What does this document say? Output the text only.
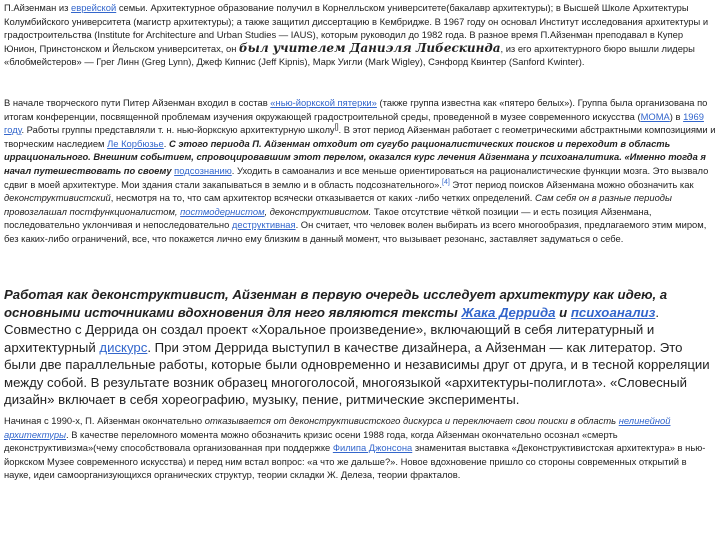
П.Айзенман из еврейской семьи. Архитектурное образование получил в Корнелльском университете(бакалавр архитектуры); в Высшей Школе Архитектуры Колумбийского университета (магистр архитектуры); а также защитил диссертацию в Кембридже. В 1967 году он основал Институт исследования архитектуры и градостроительства (Institute for Architecture and Urban Studies — IAUS), которым руководил до 1982 года. В разное время П.Айзенман преподавал в Купер Юнион, Принстонском и Йельском университетах, он был учителем Даниэля Либескинда, из его архитектурного бюро вышли лидеры «блобмейстеров» — Грег Линн (Greg Lynn), Джеф Кипнис (Jeff Kipnis), Марк Уигли (Mark Wigley), Сэнфорд Квинтер (Sanford Kwinter).

В начале творческого пути Питер Айзенман входил в состав «нью-йоркской пятерки» (также группа известна как «пятеро белых»). Группа была организована по итогам конференции, посвященной проблемам изучения окружающей градостроительной среды, проведенной в музее современного искусства (МОМА) в 1969 году. Работы группы представляли т. н. нью-йоркскую архитектурную школу[]. В этот период Айзенман работает с геометрическими абстрактными композициями и творческим наследием Ле Корбюзье. С этого периода П. Айзенман отходит от сугубо рационалистических поисков и переходит в область иррационального. Внешним событием, спровоцировавшим этот перелом, оказался курс лечения Айзенмана у психоаналитика. «Именно тогда я начал путешествовать по своему подсознанию. Уходить в самоанализ и все меньше ориентироваться на рационалистические функции мозга. Это вызвало сдвиг в моей архитектуре. Мои здания стали закапываться в землю и в область подсознательного».[4] Этот период поисков Айзенмана можно обозначить как деконструктивистский, несмотря на то, что сам архитектор всячески отказывается от каких -либо четких определений. Сам себя он в разные периоды провозглашал постфункционалистом, постмодернистом, деконструктивистом. Такое отсутствие чёткой позиции — и есть позиция Айзенмана, последовательно уклончивая и непоследовательно деструктивная. Он считает, что человек волен выбирать из всего многообразия, предлагаемого этим миром, без каких-либо ограничений, все, что покажется лично ему близким в данный момент, что вызывает резонанс, заставляет задуматься о себе.

Работая как деконструктивист, Айзенман в первую очередь исследует архитектуру как идею, а основными источниками вдохновения для него являются тексты Жака Деррида и психоанализ. Совместно с Деррида он создал проект «Хоральное произведение», включающий в себя литературный и архитектурный дискурс. При этом Деррида выступил в качестве дизайнера, а Айзенман — как литератор. Это были две параллельные работы, которые были одновременно и независимы друг от друга, и в тесной корреляции между собой. В результате возник образец многоголосой, многоязыкой «архитектуры-полиглота». «Словесный дизайн» включает в себя хореографию, музыку, пение, ритмические эксперименты.

Начиная с 1990-х, П. Айзенман окончательно отказывается от деконструктивистского дискурса и переключает свои поиски в область нелинейной архитектуры. В качестве переломного момента можно обозначить кризис осени 1988 года, когда Айзенман окончательно осознал «смерть деконструктивизма»(чему способствовала организованная при поддержке Филипа Джонсона знаменитая выставка «Деконструктивистская архитектура» в нью-йоркском Музее современного искусства) и перед ним встал вопрос: «а что же дальше?». Новое вдохновение пришло со стороны современных открытий в науке, идеи самоорганизующихся органических структур, теории складки Ж. Делеза, теории фракталов.
